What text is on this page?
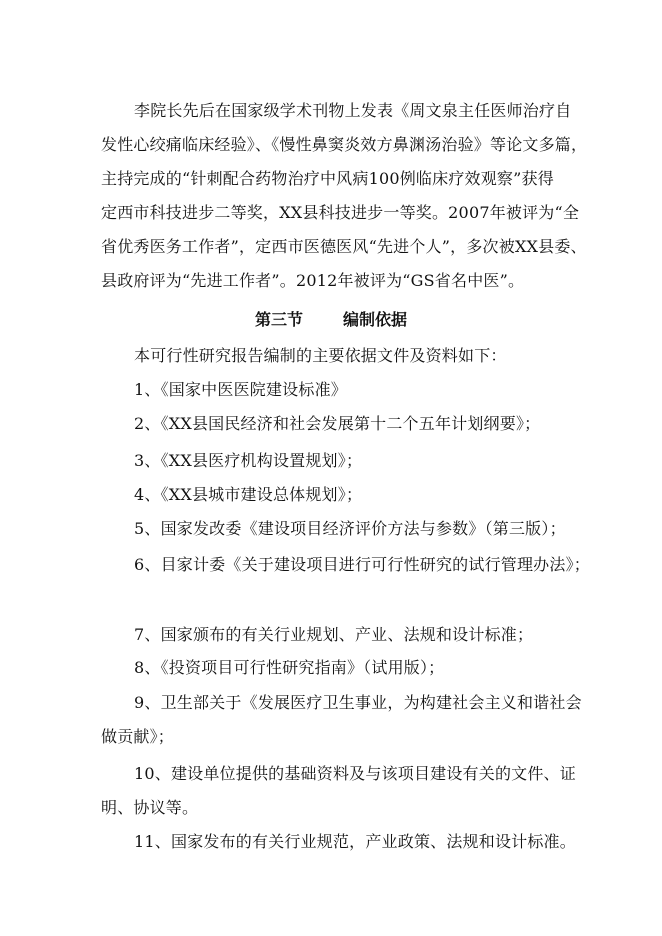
李院长先后在国家级学术刊物上发表《周文泉主任医师治疗自
发性心绞痛临床经验》、《慢性鼻窦炎效方鼻渊汤治验》等论文多篇，
主持完成的“针刺配合药物治疗中风病100例临床疗效观察”获得
定西市科技进步二等奖，XX县科技进步一等奖。2007年被评为“全
省优秀医务工作者”，定西市医德医风“先进个人”，多次被XX县委、
县政府评为“先进工作者”。2012年被评为“GS省名中医”。
第三节	编制依据
本可行性研究报告编制的主要依据文件及资料如下：
1、《国家中医医院建设标准》
2、《XX县国民经济和社会发展第十二个五年计划纲要》；
3、《XX县医疗机构设置规划》；
4、《XX县城市建设总体规划》；
5、国家发改委《建设项目经济评价方法与参数》（第三版）；
6、目家计委《关于建设项目进行可行性研究的试行管理办法》；
7、国家颁布的有关行业规划、产业、法规和设计标准；
8、《投资项目可行性研究指南》（试用版）；
9、卫生部关于《发展医疗卫生事业，为构建社会主义和谐社会
做贡献》；
10、建设单位提供的基础资料及与该项目建设有关的文件、证
明、协议等。
11、国家发布的有关行业规范，产业政策、法规和设计标准。
